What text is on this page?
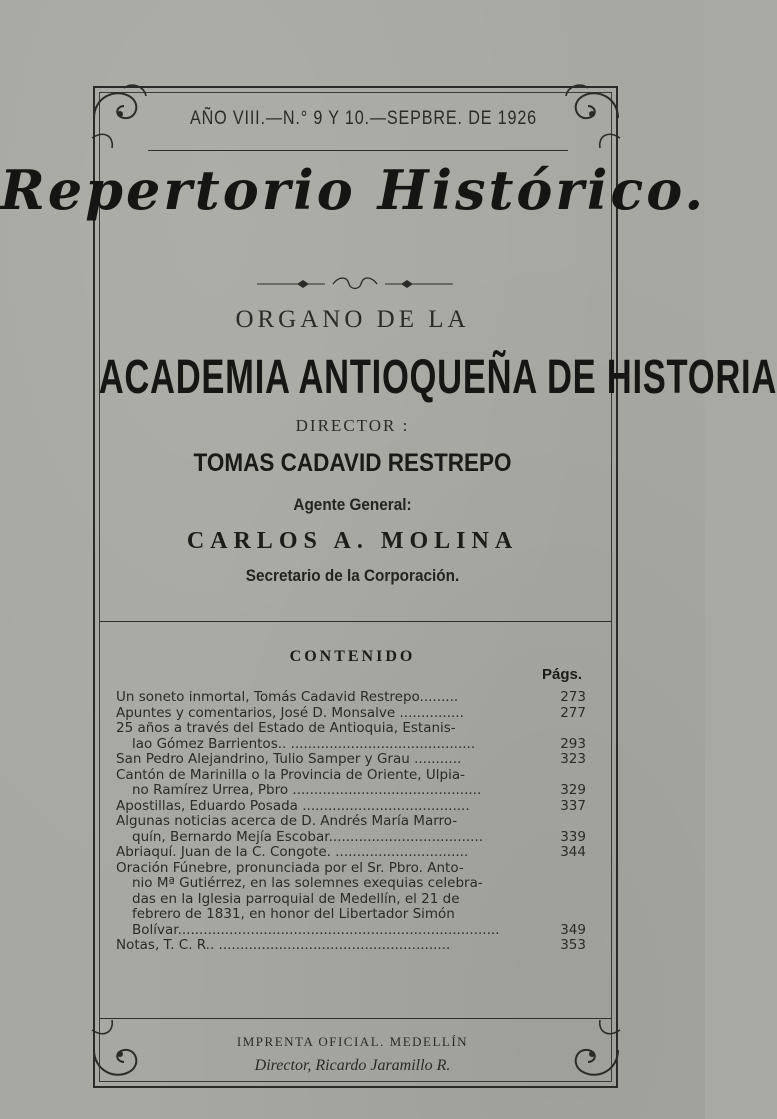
AÑO VIII.—N.° 9 Y 10.—SEPBRE. DE 1926
Repertorio Histórico.
ORGANO DE LA
ACADEMIA ANTIOQUEÑA DE HISTORIA
DIRECTOR :
TOMAS CADAVID RESTREPO
Agente General:
CARLOS A. MOLINA
Secretario de la Corporación.
CONTENIDO
Págs.
Un soneto inmortal, Tomás Cadavid Restrepo.........	273
Apuntes y comentarios, José D. Monsalve ...............	277
25 años a través del Estado de Antioquia, Estanis-
lao Gómez Barrientos.. ...........................................	293
San Pedro Alejandrino, Tulio Samper y Grau ...........	323
Cantón de Marinilla o la Provincia de Oriente, Ulpia-
no Ramírez Urrea, Pbro ............................................	329
Apostillas, Eduardo Posada .......................................	337
Algunas noticias acerca de D. Andrés María Marro-
quín, Bernardo Mejía Escobar....................................	339
Abriaquí. Juan de la C. Congote. ...............................	344
Oración Fúnebre, pronunciada por el Sr. Pbro. Anto-
nio Mª Gutiérrez, en las solemnes exequias celebra-
das en la Iglesia parroquial de Medellín, el 21 de
febrero de 1831, en honor del Libertador Simón
Bolívar...........................................................................	349
Notas, T. C. R.. ......................................................	353
IMPRENTA OFICIAL. MEDELLÍN
Director, Ricardo Jaramillo R.
